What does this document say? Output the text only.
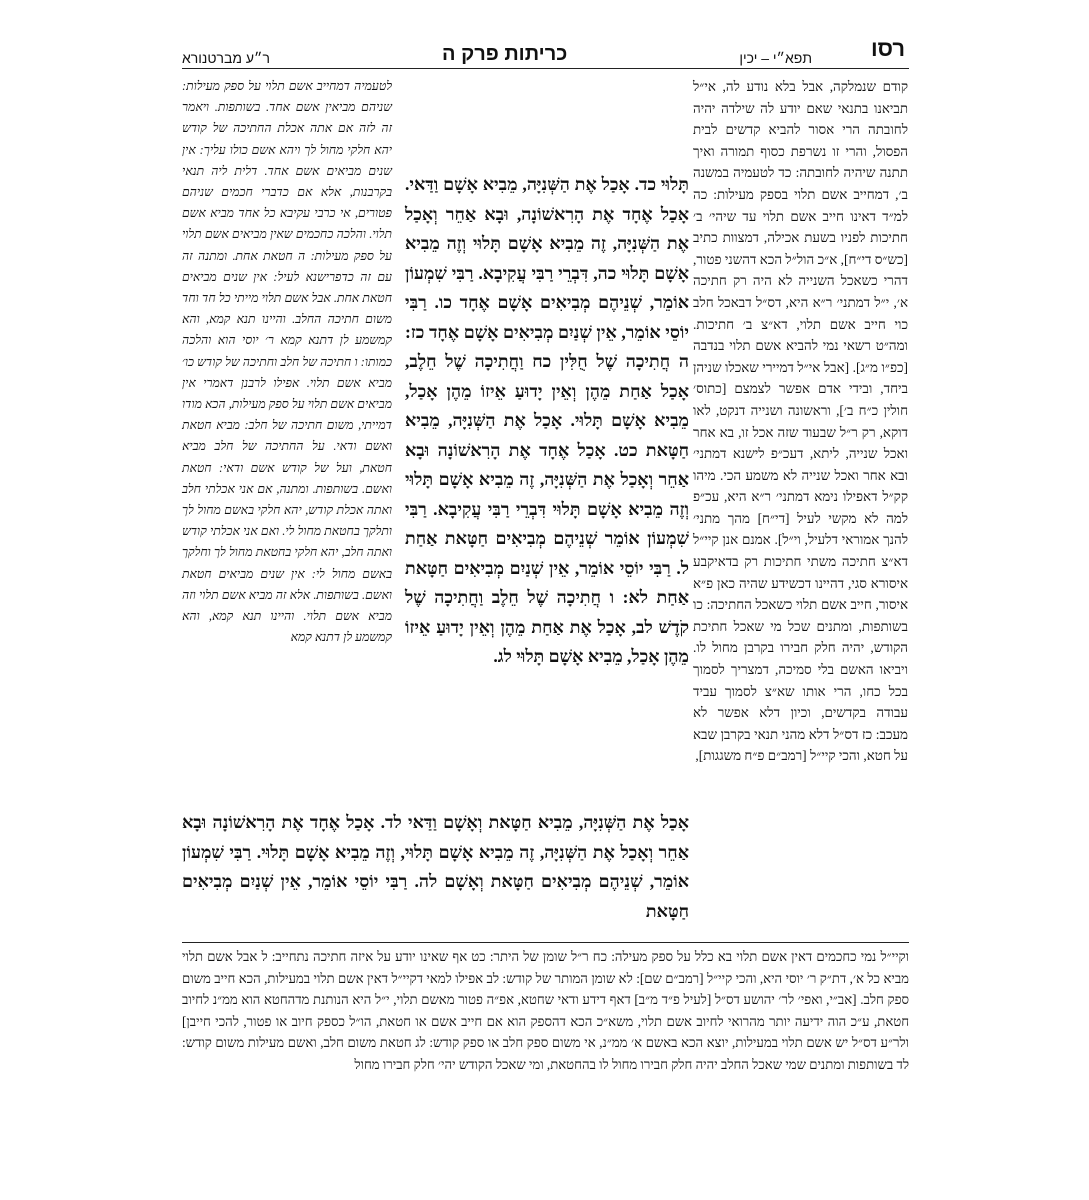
רסו
תפא״י – יכין
כריתות פרק ה
ר״ע מברטנורא

קודם שנמלקה, אבל בלא נודע לה, אי״ל תביאנו בתנאי שאם יודע לה שילדה יהיה לחובתה הרי אסור להביא קדשים לבית הפסול, והרי זו נשרפת כסוף תמורה ואיך תתנה שיהיה לחובתה: כד לטעמיה במשנה ב׳, דמחייב אשם תלוי בספק מעילות: כה למ״ד דאינו חייב אשם תלוי עד שיהי׳ ב׳ חתיכות לפניו בשעת אכילה, דמצוות כתיב [כש״ס די״ח], א״כ הול״ל הכא דהשני פטור, דהרי כשאכל השנייה לא היה רק חתיכה א׳, י״ל דמתני׳ ר״א היא, דס״ל דבאכל חלב כוי חייב אשם תלוי, דא״צ ב׳ חתיכות. ומה״ט רשאי נמי להביא אשם תלוי בנדבה [כפ״ו מ״ג]. [אבל אי״ל דמיירי שאכלו שניהן ביחד, ובידי אדם אפשר לצמצם [כתוס׳ חולין כ״ח ב׳], וראשונה ושנייה דנקט, לאו דוקא, רק ר״ל שבעוד שזה אכל זו, בא אחר ואכל שנייה, ליתא, דעכ״פ לישנא דמתני׳ ובא אחר ואכל שנייה לא משמע הכי. מיהו קק״ל דאפילו נימא דמתני׳ ר״א היא, עכ״פ למה לא מקשי לעיל [די״ח] מהך מתני׳ להנך אמוראי דלעיל, וי״ל]. אמנם אנן קיי״ל דא״צ חתיכה משתי חתיכות רק בדאיקבע איסורא סגי, דהיינו דכשידע שהיה כאן פ״א איסור, חייב אשם תלוי כשאכל החתיכה: כו בשותפות, ומתנים שכל מי שאכל חתיכת הקודש, יהיה חלק חבירו בקרבן מחול לו. ויביאו האשם בלי סמיכה, דמצריך לסמוך בכל כחו, הרי אותו שא״צ לסמוך עביד עבודה בקדשים, וכיון דלא אפשר לא מעכב: כז דס״ל דלא מהני תנאי בקרבן שבא על חטא, והכי קיי״ל [רמב״ם פ״ח משגגות],

לטעמיה דמחייב אשם תלוי על ספק מעילות: שניהם מביאין אשם אחד. בשותפות. ויאמר זה לזה אם אתה אכלת החתיכה של קודש יהא חלקי מחול לך ויהא אשם כולו עליך: אין שנים מביאים אשם אחד. דלית ליה תנאי בקרבנות, אלא אם כדברי חכמים שניהם פטורים, אי כרבי עקיבא כל אחד מביא אשם תלוי. והלכה כחכמים שאין מביאים אשם תלוי על ספק מעילות: ה חטאת אחת. ומתנה זה עם זה כדפרישנא לעיל: אין שנים מביאים חטאת אחת. אבל אשם תלוי מייתי כל חד וחד משום חתיכה החלב. והיינו תנא קמא, והא קמשמע לן דתנא קמא ר׳ יוסי הוא והלכה כמותו: ו חתיכה של חלב וחתיכה של קודש כו׳ מביא אשם תלוי. אפילו לרבנן דאמרי אין מביאים אשם תלוי על ספק מעילות, הכא מודו דמייתי, משום חתיכה של חלב: מביא חטאת ואשם ודאי. על החתיכה של חלב מביא חטאת, ועל של קודש אשם ודאי: חטאת ואשם. בשותפות. ומתנה, אם אני אכלתי חלב ואתה אכלת קודש, יהא חלקי באשם מחול לך ותלקך בחטאת מחול לי. ואם אני אכלתי קודש ואתה חלב, יהא חלקי בחטאת מחול לך וחלקך באשם מחול לי: אין שנים מביאים חטאת ואשם. בשותפות. אלא זה מביא אשם תלוי וזה מביא אשם תלוי. והיינו תנא קמא, והא קמשמע לן דתנא קמא

תָּלוּי כד. אָכַל אֶת הַשְּׁנִיָּה, מֵבִיא אָשָׁם וַדַּאי. אָכַל אֶחָד אֶת הָרִאשׁוֹנָה, וּבָא אַחֵר וְאָכַל אֶת הַשְּׁנִיָּה, זֶה מֵבִיא אָשָׁם תָּלוּי וְזֶה מֵבִיא אָשָׁם תָּלוּי כה, דִּבְרֵי רַבִּי עֲקִיבָא. רַבִּי שִׁמְעוֹן אוֹמֵר, שְׁנֵיהֶם מְבִיאִים אָשָׁם אֶחָד כו. רַבִּי יוֹסֵי אוֹמֵר, אֵין שְׁנַיִם מְבִיאִים אָשָׁם אֶחָד כז: ה חֲתִיכָה שֶׁל חֻלִּין כח וַחֲתִיכָה שֶׁל חֵלֶב, אָכַל אַחַת מֵהֶן וְאֵין יָדוּעַ אֵיזוֹ מֵהֶן אָכַל, מֵבִיא אָשָׁם תָּלוּי. אָכַל אֶת הַשְּׁנִיָּה, מֵבִיא חַטָּאת כט. אָכַל אֶחָד אֶת הָרִאשׁוֹנָה וּבָא אַחֵר וְאָכַל אֶת הַשְּׁנִיָּה, זֶה מֵבִיא אָשָׁם תָּלוּי וְזֶה מֵבִיא אָשָׁם תָּלוּי דִּבְרֵי רַבִּי עֲקִיבָא. רַבִּי שִׁמְעוֹן אוֹמֵר שְׁנֵיהֶם מְבִיאִים חַטָּאת אַחַת ל. רַבִּי יוֹסֵי אוֹמֵר, אֵין שְׁנַיִם מְבִיאִים חַטָּאת אַחַת לא: ו חֲתִיכָה שֶׁל חֵלֶב וַחֲתִיכָה שֶׁל קֹדֶשׁ לב, אָכַל אֶת אַחַת מֵהֶן וְאֵין יָדוּעַ אֵיזוֹ מֵהֶן אָכַל, מֵבִיא אָשָׁם תָּלוּי לג.

אָכַל אֶת הַשְּׁנִיָּה, מֵבִיא חַטָּאת וְאָשָׁם וַדַּאי לד. אָכַל אֶחָד אֶת הָרִאשׁוֹנָה וּבָא אַחֵר וְאָכַל אֶת הַשְּׁנִיָּה, זֶה מֵבִיא אָשָׁם תָּלוּי, וְזֶה מֵבִיא אָשָׁם תָּלוּי. רַבִּי שִׁמְעוֹן אוֹמֵר, שְׁנֵיהֶם מְבִיאִים חַטָּאת וְאָשָׁם לה. רַבִּי יוֹסֵי אוֹמֵר, אֵין שְׁנַיִם מְבִיאִים חַטָּאת

וקיי״ל נמי כחכמים דאין אשם תלוי בא כלל על ספק מעילה: כח ר״ל שומן של היתר: כט אף שאינו יודע על איזה חתיכה נתחייב: ל אבל אשם תלוי מביא כל א׳, דת״ק ר׳ יוסי היא, והכי קיי״ל [רמב״ם שם]: לא שומן המותר של קודש: לב אפילו למאי דקיי״ל דאין אשם תלוי במעילות, הכא חייב משום ספק חלב. [אב״י, ואפי׳ לר׳ יהושע דס״ל [לעיל פ״ד מ״ב] דאף דידע ודאי שחטא, אפ״ה פטור מאשם תלוי, י״ל היא הנותנת מדהחטא הוא ממ״נ לחיוב חטאת, ע״כ הוה ידיעה יותר מהרואי לחיוב אשם תלוי, משא״כ הכא דהספק הוא אם חייב אשם או חטאת, הו״ל כספק חיוב או פטור, להכי חייבן] ולר״ע דס״ל יש אשם תלוי במעילות, יוצא הכא באשם א׳ ממ״נ, אי משום ספק חלב או ספק קודש: לג חטאת משום חלב, ואשם מעילות משום קודש: לד בשותפות ומתנים שמי שאכל החלב יהיה חלק חבירו מחול לו בהחטאת, ומי שאכל הקודש יהי׳ חלק חבירו מחול
